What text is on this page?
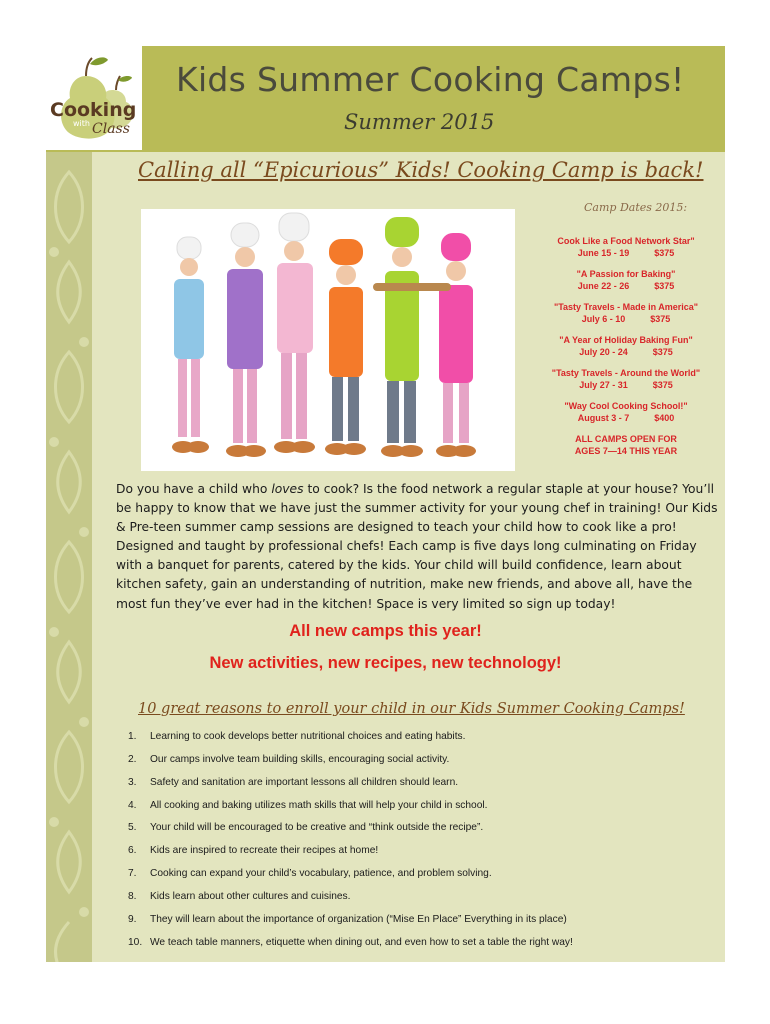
Cooking
with Class
Kids Summer Cooking Camps!
Summer 2015
Calling all “Epicurious” Kids! Cooking Camp is back!
Camp Dates 2015:
Cook Like a Food Network Star"
June 15 - 19	$375
"A Passion for Baking"
June 22 - 26	$375
"Tasty Travels - Made in America"
July 6 - 10	$375
"A Year of Holiday Baking Fun"
July 20 - 24	$375
"Tasty Travels - Around the World"
July 27 - 31	$375
"Way Cool Cooking School!"
August 3 - 7	$400
ALL CAMPS OPEN FOR
AGES 7—14 THIS YEAR
Do you have a child who loves to cook? Is the food network a regular staple at your house? You’ll be happy to know that we have just the summer activity for your young chef in training! Our Kids & Pre-teen summer camp sessions are designed to teach your child how to cook like a pro! Designed and taught by professional chefs! Each camp is five days long culminating on Friday with a banquet for parents, catered by the kids. Your child will build confidence, learn about kitchen safety, gain an understanding of nutrition, make new friends, and above all, have the most fun they’ve ever had in the kitchen! Space is very limited so sign up today!
All new camps this year!
New activities, new recipes, new technology!
10 great reasons to enroll your child in our Kids Summer Cooking Camps!
1. Learning to cook develops better nutritional choices and eating habits.
2. Our camps involve team building skills, encouraging social activity.
3. Safety and sanitation are important lessons all children should learn.
4. All cooking and baking utilizes math skills that will help your child in school.
5. Your child will be encouraged to be creative and “think outside the recipe”.
6. Kids are inspired to recreate their recipes at home!
7. Cooking can expand your child’s vocabulary, patience, and problem solving.
8. Kids learn about other cultures and cuisines.
9. They will learn about the importance of organization (“Mise En Place” Everything in its place)
10. We teach table manners, etiquette when dining out, and even how to set a table the right way!
